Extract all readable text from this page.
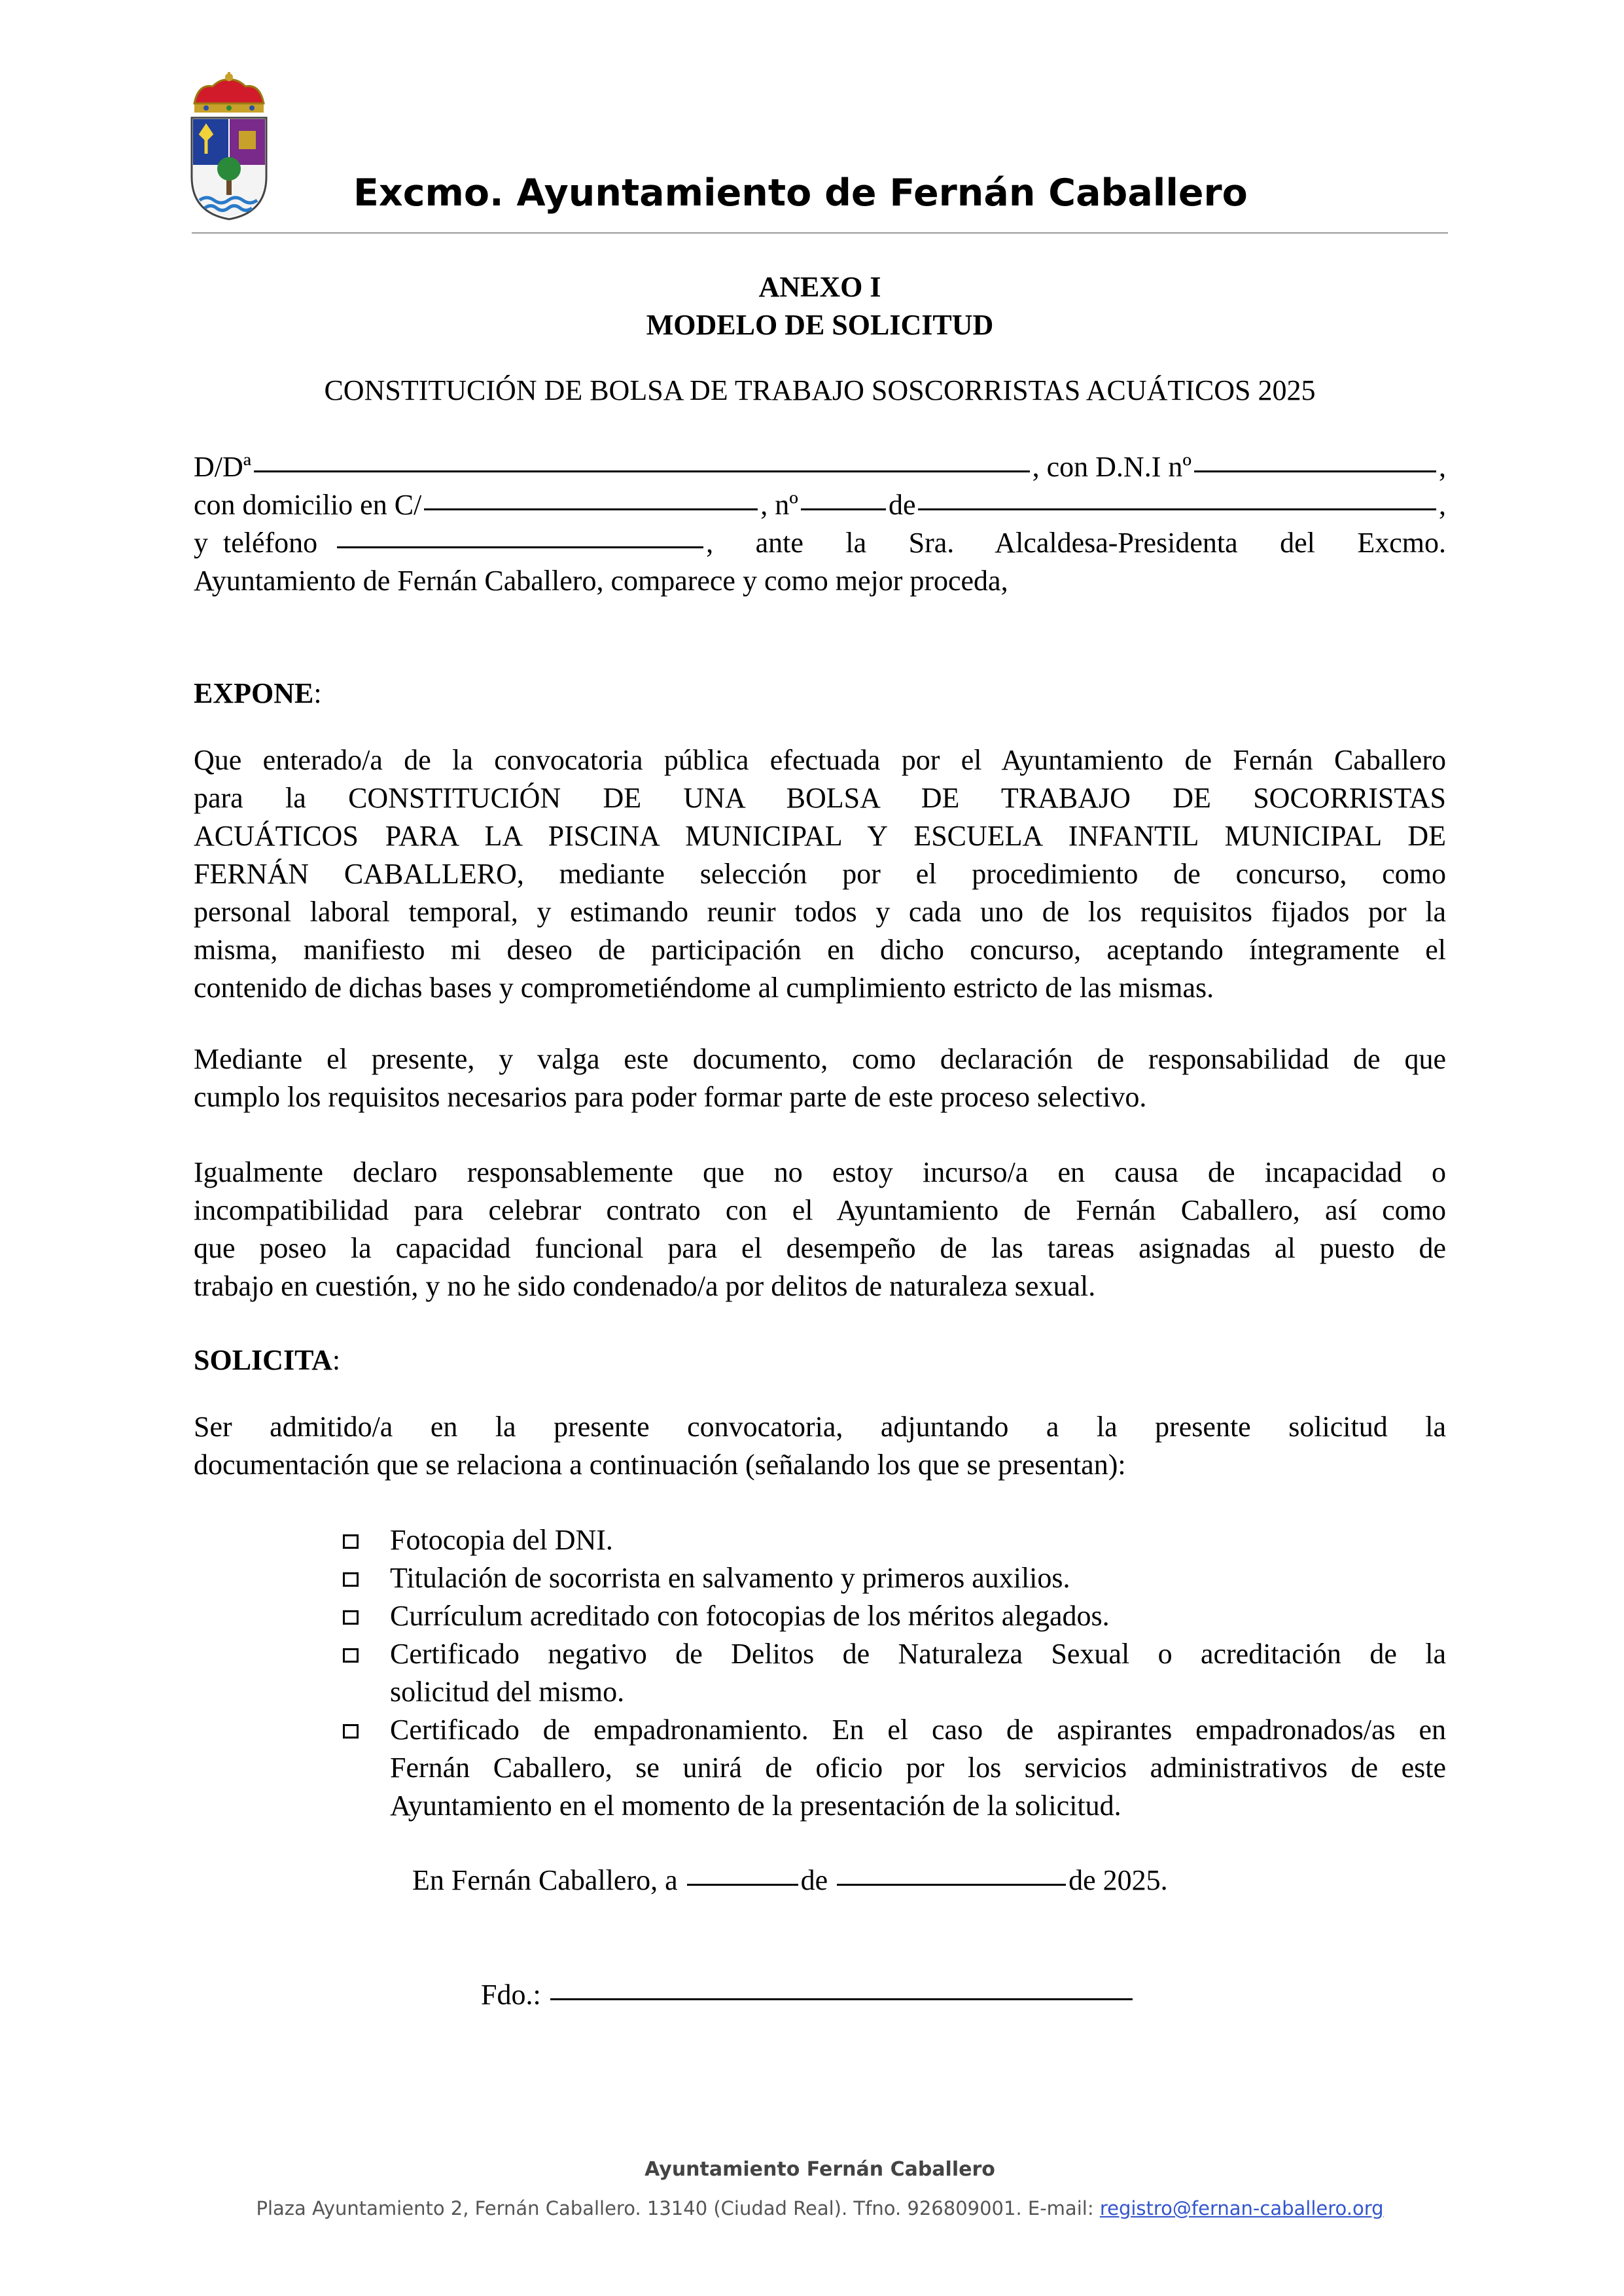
Excmo. Ayuntamiento de Fernán Caballero
ANEXO I
MODELO DE SOLICITUD
CONSTITUCIÓN DE BOLSA DE TRABAJO SOSCORRISTAS ACUÁTICOS 2025
D/Dª	, con D.N.I nº	,
con domicilio en C/	, nº	de	,
y teléfono	, ante la Sra. Alcaldesa-Presidenta del Excmo.
Ayuntamiento de Fernán Caballero, comparece y como mejor proceda,
EXPONE:
Que enterado/a de la convocatoria pública efectuada por el Ayuntamiento de Fernán Caballero
para la CONSTITUCIÓN DE UNA BOLSA DE TRABAJO DE SOCORRISTAS
ACUÁTICOS PARA LA PISCINA MUNICIPAL Y ESCUELA INFANTIL MUNICIPAL DE
FERNÁN CABALLERO, mediante selección por el procedimiento de concurso, como
personal laboral temporal, y estimando reunir todos y cada uno de los requisitos fijados por la
misma, manifiesto mi deseo de participación en dicho concurso, aceptando íntegramente el
contenido de dichas bases y comprometiéndome al cumplimiento estricto de las mismas.
Mediante el presente, y valga este documento, como declaración de responsabilidad de que
cumplo los requisitos necesarios para poder formar parte de este proceso selectivo.
Igualmente declaro responsablemente que no estoy incurso/a en causa de incapacidad o
incompatibilidad para celebrar contrato con el Ayuntamiento de Fernán Caballero, así como
que poseo la capacidad funcional para el desempeño de las tareas asignadas al puesto de
trabajo en cuestión, y no he sido condenado/a por delitos de naturaleza sexual.
SOLICITA:
Ser admitido/a en la presente convocatoria, adjuntando a la presente solicitud la
documentación que se relaciona a continuación (señalando los que se presentan):
Fotocopia del DNI.
Titulación de socorrista en salvamento y primeros auxilios.
Currículum acreditado con fotocopias de los méritos alegados.
Certificado negativo de Delitos de Naturaleza Sexual o acreditación de la
solicitud del mismo.
Certificado de empadronamiento. En el caso de aspirantes empadronados/as en
Fernán Caballero, se unirá de oficio por los servicios administrativos de este
Ayuntamiento en el momento de la presentación de la solicitud.
En Fernán Caballero, a	de	de 2025.
Fdo.:
Ayuntamiento Fernán Caballero
Plaza Ayuntamiento 2, Fernán Caballero. 13140 (Ciudad Real). Tfno. 926809001. E-mail: registro@fernan-caballero.org
